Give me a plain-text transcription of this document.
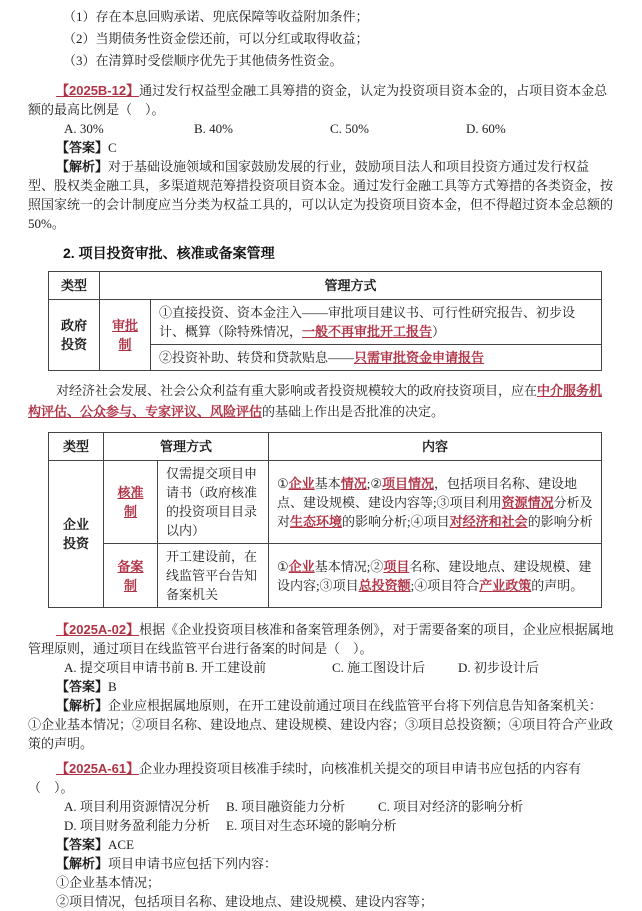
（1）存在本息回购承诺、兜底保障等收益附加条件；

（2）当期债务性资金偿还前，可以分红或取得收益；

（3）在清算时受偿顺序优先于其他债务性资金。

【2025B-12】通过发行权益型金融工具筹措的资金，认定为投资项目资本金的，占项目资本金总额的最高比例是（　）。

A. 30%	B. 40%	C. 50%	D. 60%

【答案】C

【解析】对于基础设施领域和国家鼓励发展的行业，鼓励项目法人和项目投资方通过发行权益型、股权类金融工具，多渠道规范筹措投资项目资本金。通过发行金融工具等方式筹措的各类资金，按照国家统一的会计制度应当分类为权益工具的，可以认定为投资项目资本金，但不得超过资本金总额的50%。

2. 项目投资审批、核准或备案管理
类型	管理方式	
政府投资	审批制	①直接投资、资本金注入——审批项目建议书、可行性研究报告、初步设计、概算（除特殊情况，一般不再审批开工报告）
		②投资补助、转贷和贷款贴息——只需审批资金申请报告

对经济社会发展、社会公众利益有重大影响或者投资规模较大的政府技资项目，应在中介服务机构评估、公众参与、专家评议、风险评估的基础上作出是否批准的决定。

类型	管理方式		内容
企业投资	核准制	仅需提交项目申请书（政府核准的投资项目目录以内）	①企业基本情况;②项目情况，包括项目名称、建设地点、建设规模、建设内容等;③项目利用资源情况分析及对生态环境的影响分析;④项目对经济和社会的影响分析
	备案制	开工建设前，在线监管平台告知备案机关	①企业基本情况;②项目名称、建设地点、建设规模、建设内容;③项目总投资额;④项目符合产业政策的声明。

【2025A-02】根据《企业投资项目核准和备案管理条例》，对于需要备案的项目，企业应根据属地管理原则，通过项目在线监管平台进行备案的时间是（　）。

A. 提交项目申请书前 B. 开工建设前	C. 施工图设计后	D. 初步设计后

【答案】B

【解析】企业应根据属地原则，在开工建设前通过项目在线监管平台将下列信息告知备案机关：①企业基本情况；②项目名称、建设地点、建设规模、建设内容；③项目总投资额；④项目符合产业政策的声明。

【2025A-61】企业办理投资项目核准手续时，向核准机关提交的项目申请书应包括的内容有（　）。

A. 项目利用资源情况分析	B. 项目融资能力分析	C. 项目对经济的影响分析
D. 项目财务盈利能力分析	E. 项目对生态环境的影响分析

【答案】ACE

【解析】项目申请书应包括下列内容：

①企业基本情况；

②项目情况，包括项目名称、建设地点、建设规模、建设内容等；
